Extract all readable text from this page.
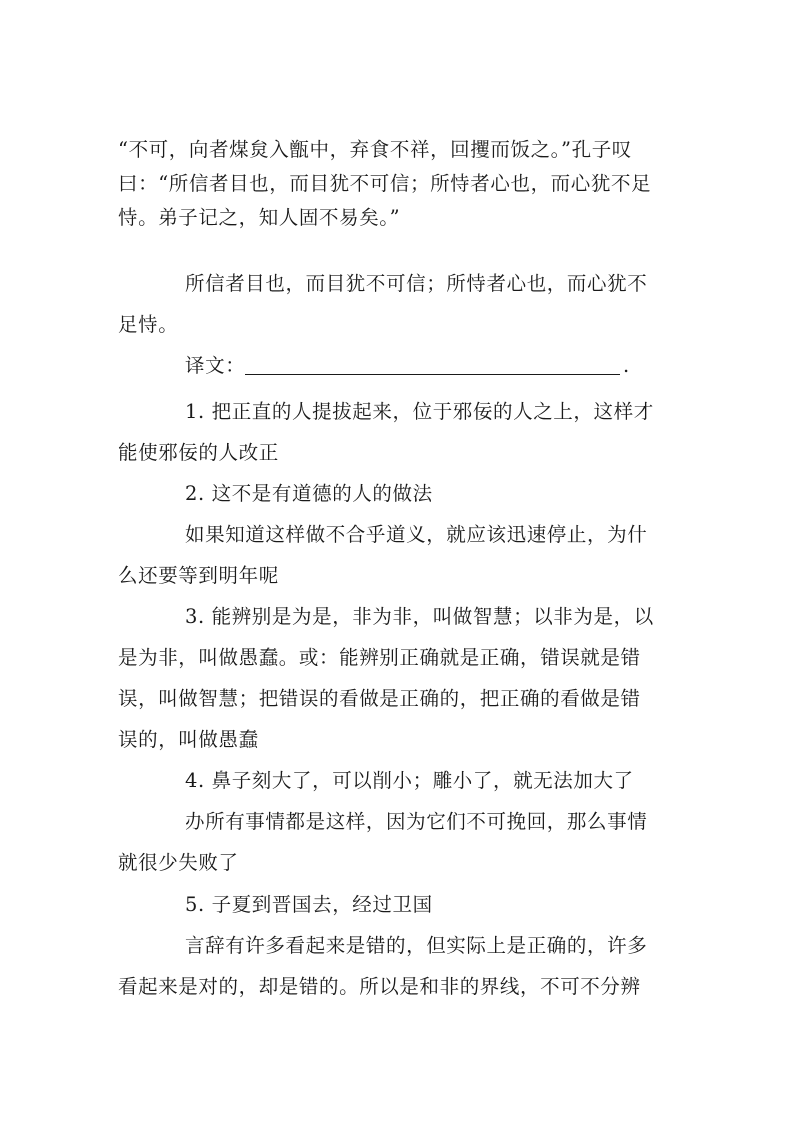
“不可，向者煤炱入甑中，弃食不祥，回攫而饭之。”孔子叹
曰：“所信者目也，而目犹不可信；所恃者心也，而心犹不足
恃。弟子记之，知人固不易矣。”
所信者目也，而目犹不可信；所恃者心也，而心犹不
足恃。
译文：	.
1. 把正直的人提拔起来，位于邪佞的人之上，这样才
能使邪佞的人改正
2. 这不是有道德的人的做法
如果知道这样做不合乎道义，就应该迅速停止，为什
么还要等到明年呢
3. 能辨别是为是，非为非，叫做智慧；以非为是，以
是为非，叫做愚蠢。或：能辨别正确就是正确，错误就是错
误，叫做智慧；把错误的看做是正确的，把正确的看做是错
误的，叫做愚蠢
4. 鼻子刻大了，可以削小；雕小了，就无法加大了
办所有事情都是这样，因为它们不可挽回，那么事情
就很少失败了
5. 子夏到晋国去，经过卫国
言辞有许多看起来是错的，但实际上是正确的，许多
看起来是对的，却是错的。所以是和非的界线，不可不分辨
